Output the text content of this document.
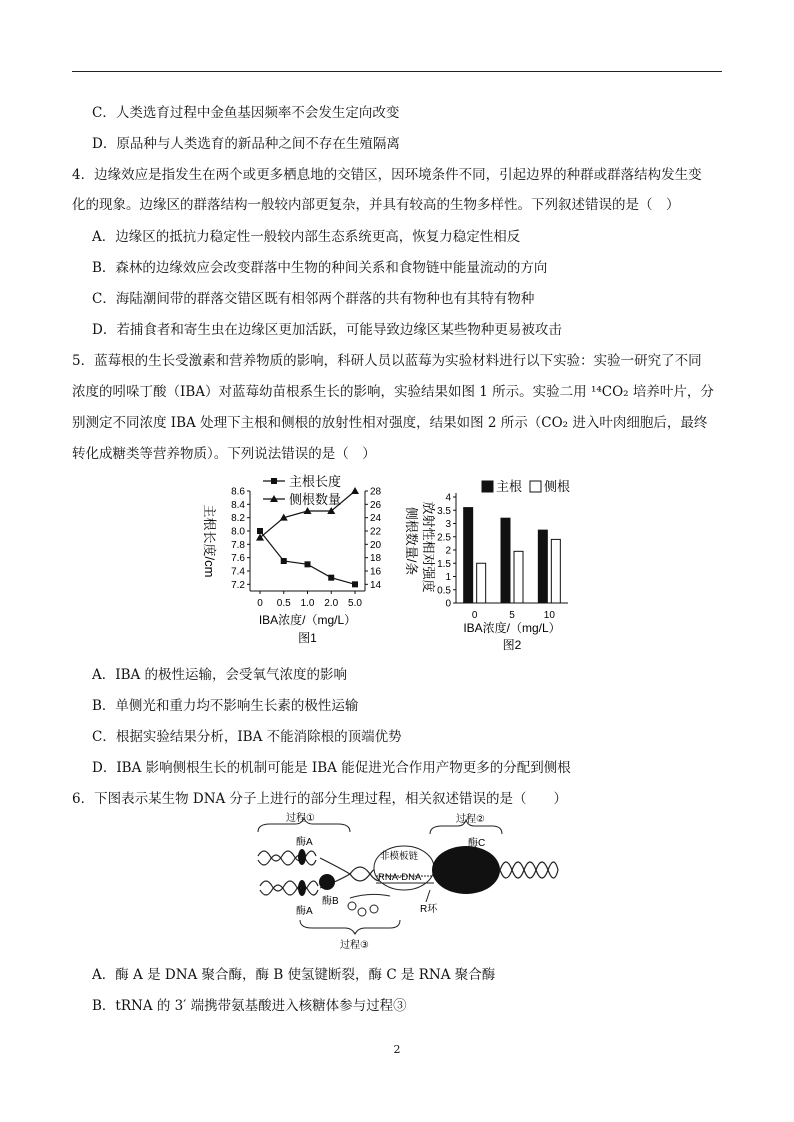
C．人类选育过程中金鱼基因频率不会发生定向改变
D．原品种与人类选育的新品种之间不存在生殖隔离
4．边缘效应是指发生在两个或更多栖息地的交错区，因环境条件不同，引起边界的种群或群落结构发生变
化的现象。边缘区的群落结构一般较内部更复杂，并具有较高的生物多样性。下列叙述错误的是（　）
A．边缘区的抵抗力稳定性一般较内部生态系统更高，恢复力稳定性相反
B．森林的边缘效应会改变群落中生物的种间关系和食物链中能量流动的方向
C．海陆潮间带的群落交错区既有相邻两个群落的共有物种也有其特有物种
D．若捕食者和寄生虫在边缘区更加活跃，可能导致边缘区某些物种更易被攻击
5．蓝莓根的生长受激素和营养物质的影响，科研人员以蓝莓为实验材料进行以下实验：实验一研究了不同
浓度的吲哚丁酸（IBA）对蓝莓幼苗根系生长的影响，实验结果如图 1 所示。实验二用 ¹⁴CO₂ 培养叶片，分
别测定不同浓度 IBA 处理下主根和侧根的放射性相对强度，结果如图 2 所示（CO₂ 进入叶肉细胞后，最终
转化成糖类等营养物质）。下列说法错误的是（　）
8.6
8.4
8.2
8.0
7.8
7.6
7.4
7.2
28
26
24
22
20
18
16
14
0 0.5 1.0 2.0 5.0
主根长度
侧根数量
主根长度/cm	侧根数量/条
IBA浓度/（mg/L）
图1
0
0.5
1
1.5
2
2.5
3
3.5
4
0	5	10
主根 侧根
放射性相对强度
IBA浓度/（mg/L）
图2
A．IBA 的极性运输，会受氧气浓度的影响
B．单侧光和重力均不影响生长素的极性运输
C．根据实验结果分析，IBA 不能消除根的顶端优势
D．IBA 影响侧根生长的机制可能是 IBA 能促进光合作用产物更多的分配到侧根
6．下图表示某生物 DNA 分子上进行的部分生理过程，相关叙述错误的是（　　）
过程①
酶A
酶A
酶B
非模板链
RNA-DNA
R环
过程③
酶C
过程②
A．酶 A 是 DNA 聚合酶，酶 B 使氢键断裂，酶 C 是 RNA 聚合酶
B．tRNA 的 3′ 端携带氨基酸进入核糖体参与过程③
2
